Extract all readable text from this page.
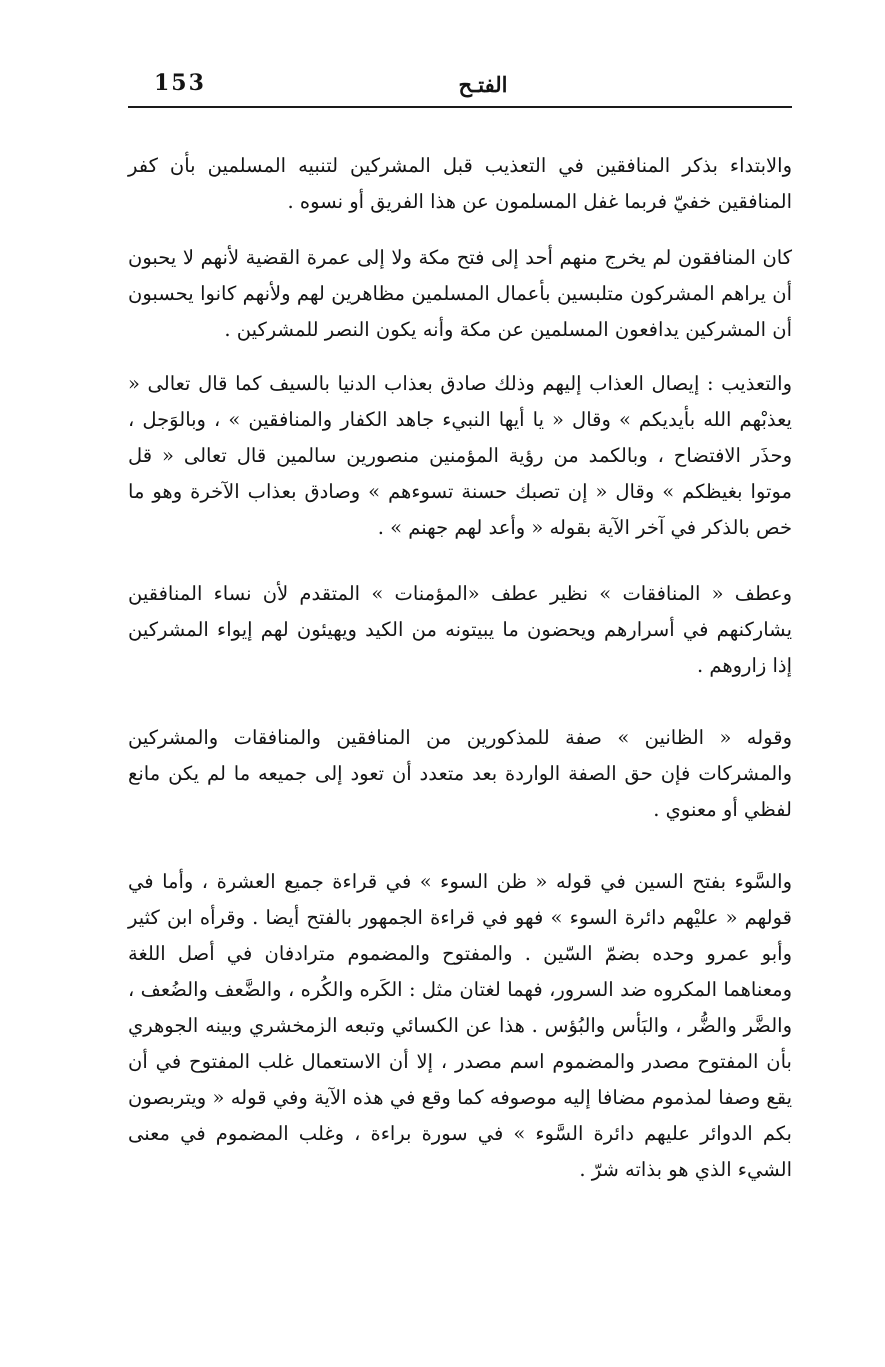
153	الفتـح

والابتداء بذكر المنافقين في التعذيب قبل المشركين لتنبيه المسلمين بأن كفر المنافقين خفيّ فربما غفل المسلمون عن هذا الفريق أو نسوه .

كان المنافقون لم يخرج منهم أحد إلى فتح مكة ولا إلى عمرة القضية لأنهم لا يحبون أن يراهم المشركون متلبسين بأعمال المسلمين مظاهرين لهم ولأنهم كانوا يحسبون أن المشركين يدافعون المسلمين عن مكة وأنه يكون النصر للمشركين .

والتعذيب : إيصال العذاب إليهم وذلك صادق بعذاب الدنيا بالسيف كما قال تعالى « يعذبْهم الله بأيديكم » وقال « يا أيها النبيء جاهد الكفار والمنافقين » ، وبالوَجل ، وحذَر الافتضاح ، وبالكمد من رؤية المؤمنين منصورين سالمين قال تعالى « قل موتوا بغيظكم » وقال « إن تصبك حسنة تسوءهم » وصادق بعذاب الآخرة وهو ما خص بالذكر في آخر الآية بقوله « وأعد لهم جهنم » .

وعطف « المنافقات » نظير عطف «المؤمنات » المتقدم لأن نساء المنافقين يشاركنهم في أسرارهم ويحضون ما يبيتونه من الكيد ويهيئون لهم إيواء المشركين إذا زاروهم .

وقوله « الظانين » صفة للمذكورين من المنافقين والمنافقات والمشركين والمشركات فإن حق الصفة الواردة بعد متعدد أن تعود إلى جميعه ما لم يكن مانع لفظي أو معنوي .

والسَّوء بفتح السين في قوله « ظن السوء » في قراءة جميع العشرة ، وأما في قولهم « عليْهم دائرة السوء » فهو في قراءة الجمهور بالفتح أيضا . وقرأه ابن كثير وأبو عمرو وحده بضمّ السّين . والمفتوح والمضموم مترادفان في أصل اللغة ومعناهما المكروه ضد السرور، فهما لغتان مثل : الكَره والكُره ، والضَّعف والضُعف ، والضَّر والضُّر ، والبَأس والبُؤس . هذا عن الكسائي وتبعه الزمخشري وبينه الجوهري بأن المفتوح مصدر والمضموم اسم مصدر ، إلا أن الاستعمال غلب المفتوح في أن يقع وصفا لمذموم مضافا إليه موصوفه كما وقع في هذه الآية وفي قوله « ويتربصون بكم الدوائر عليهم دائرة السَّوء » في سورة براءة ، وغلب المضموم في معنى الشيء الذي هو بذاته شرّ .
